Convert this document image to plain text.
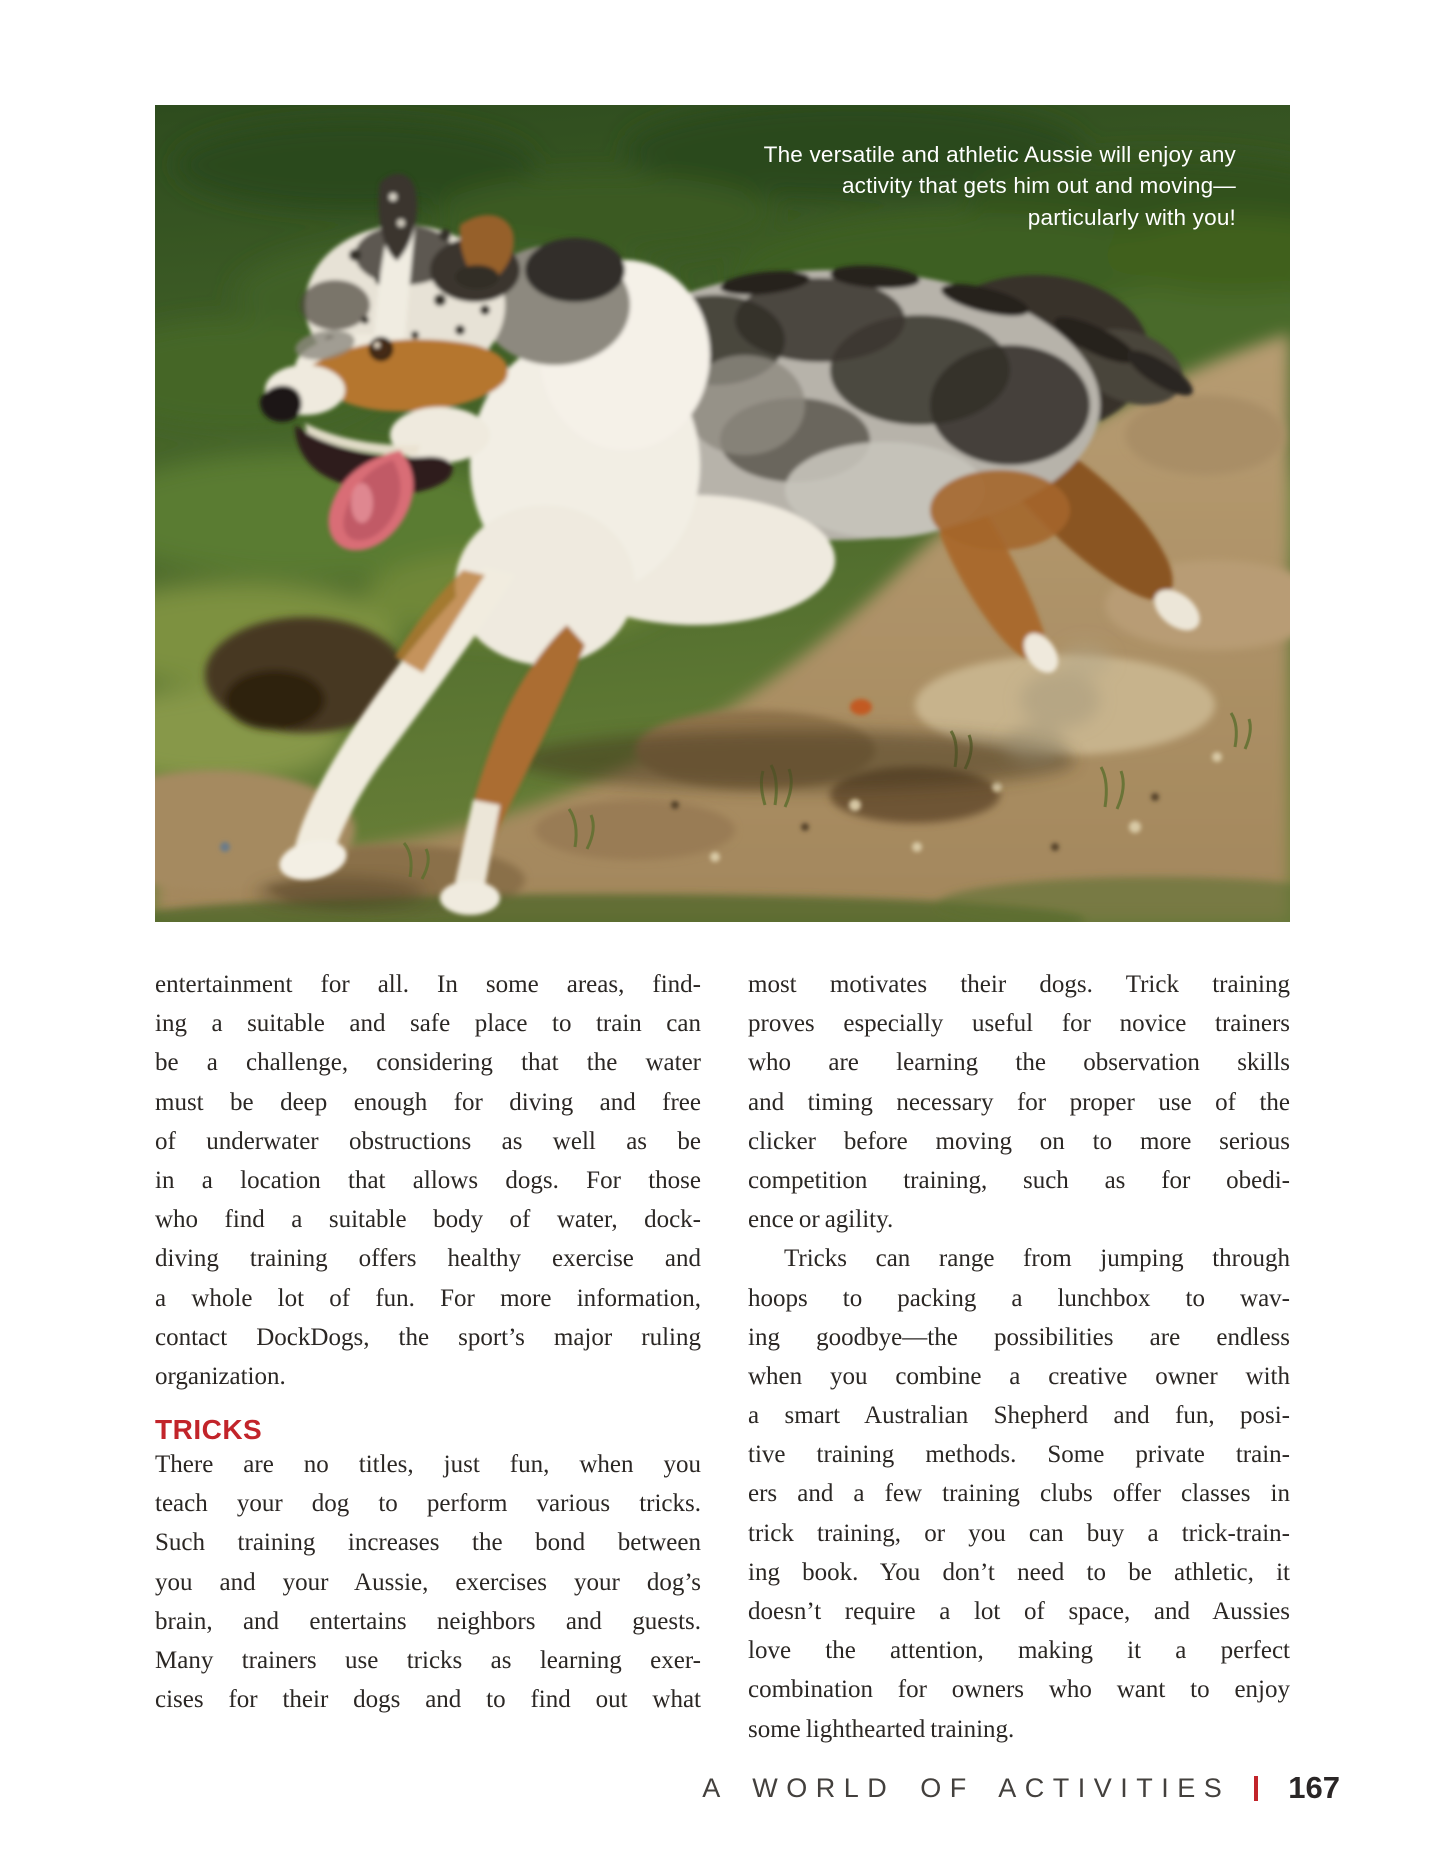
The versatile and athletic Aussie will enjoy any
activity that gets him out and moving—
particularly with you!
entertainment for all. In some areas, find-
ing a suitable and safe place to train can
be a challenge, considering that the water
must be deep enough for diving and free
of underwater obstructions as well as be
in a location that allows dogs. For those
who find a suitable body of water, dock-
diving training offers healthy exercise and
a whole lot of fun. For more information,
contact DockDogs, the sport’s major ruling
organization.
TRICKS
There are no titles, just fun, when you
teach your dog to perform various tricks.
Such training increases the bond between
you and your Aussie, exercises your dog’s
brain, and entertains neighbors and guests.
Many trainers use tricks as learning exer-
cises for their dogs and to find out what
most motivates their dogs. Trick training
proves especially useful for novice trainers
who are learning the observation skills
and timing necessary for proper use of the
clicker before moving on to more serious
competition training, such as for obedi-
ence or agility.
Tricks can range from jumping through
hoops to packing a lunchbox to wav-
ing goodbye—the possibilities are endless
when you combine a creative owner with
a smart Australian Shepherd and fun, posi-
tive training methods. Some private train-
ers and a few training clubs offer classes in
trick training, or you can buy a trick-train-
ing book. You don’t need to be athletic, it
doesn’t require a lot of space, and Aussies
love the attention, making it a perfect
combination for owners who want to enjoy
some lighthearted training.
A WORLD OF ACTIVITIES 167
